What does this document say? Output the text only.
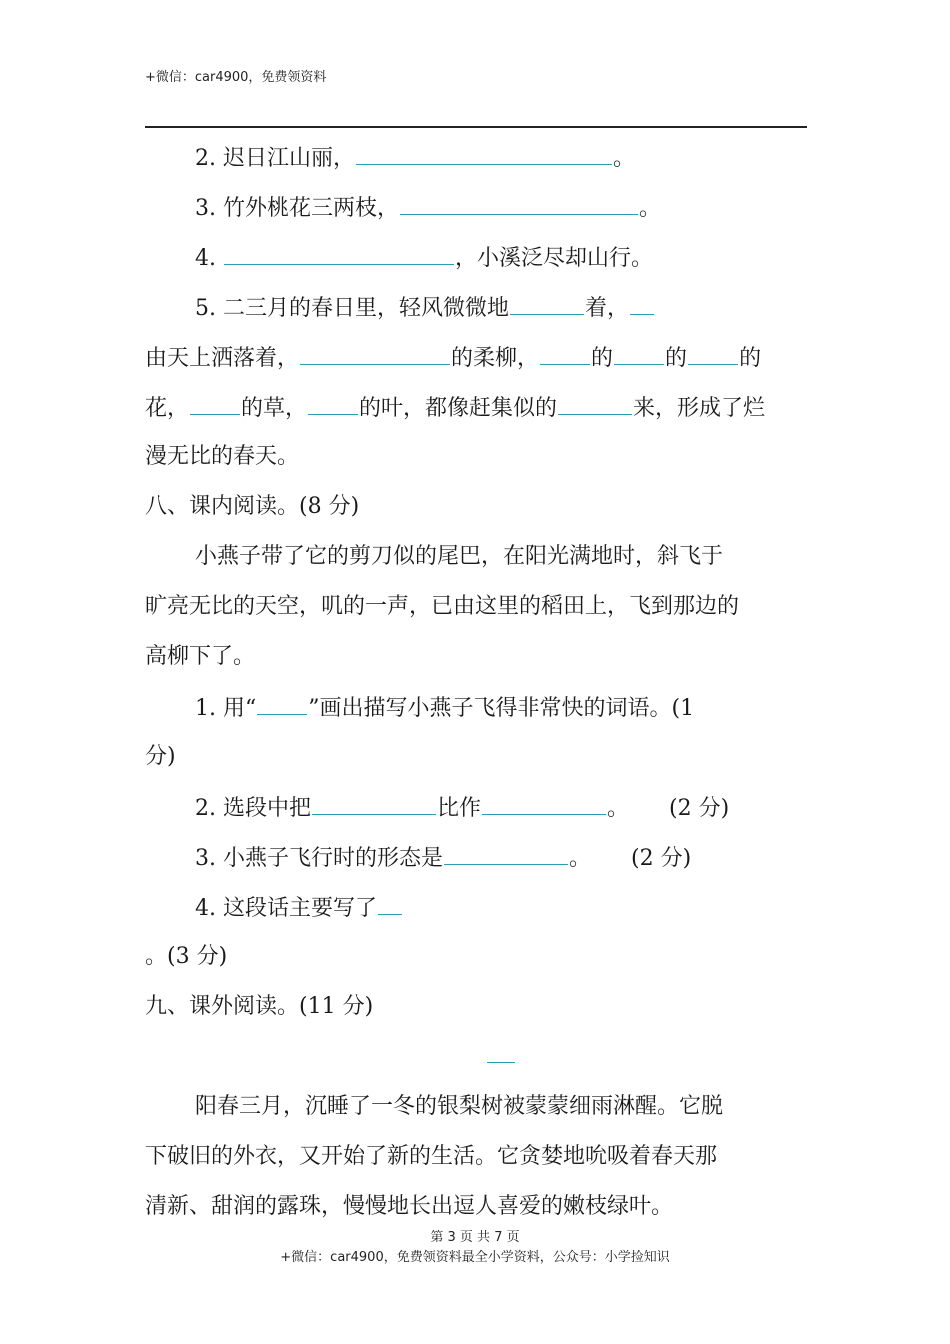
+微信：car4900，免费领资料
2. 迟日江山丽，	。
3. 竹外桃花三两枝，	。
4.	，小溪泛尽却山行。
5. 二三月的春日里，轻风微微地	着，
由天上洒落着，	的柔柳， 的 的 的
花， 的草， 的叶，都像赶集似的	来，形成了烂
漫无比的春天。
八、课内阅读。(8 分)
小燕子带了它的剪刀似的尾巴，在阳光满地时，斜飞于
旷亮无比的天空，叽的一声，已由这里的稻田上，飞到那边的
高柳下了。
1. 用“ ”画出描写小燕子飞得非常快的词语。(1
分)
2. 选段中把	比作	。 (2 分)
3. 小燕子飞行时的形态是	。 (2 分)
4. 这段话主要写了
。(3 分)
九、课外阅读。(11 分)
阳春三月，沉睡了一冬的银梨树被蒙蒙细雨淋醒。它脱
下破旧的外衣，又开始了新的生活。它贪婪地吮吸着春天那
清新、甜润的露珠，慢慢地长出逗人喜爱的嫩枝绿叶。
第 3 页 共 7 页
+微信：car4900，免费领资料最全小学资料，公众号：小学捡知识
